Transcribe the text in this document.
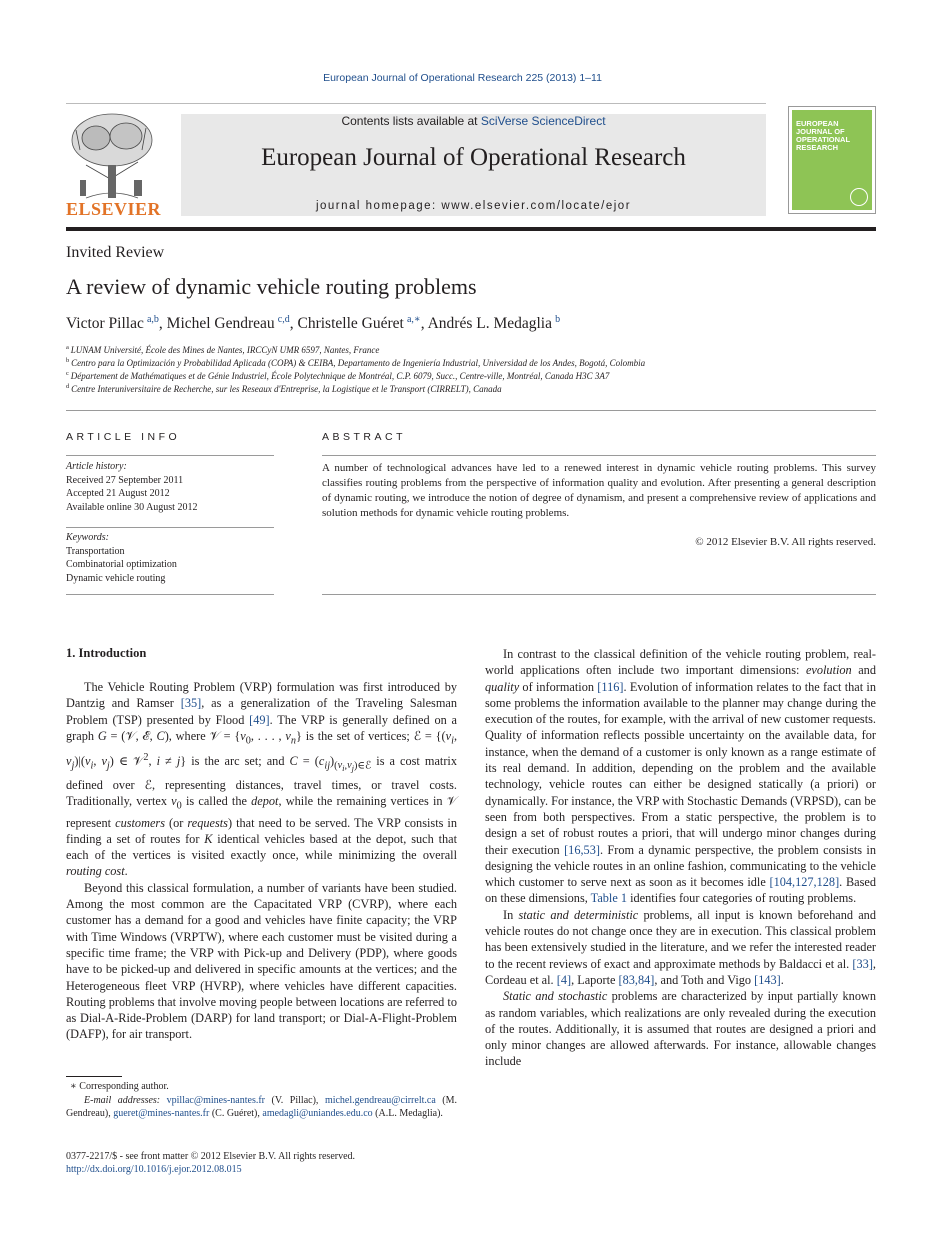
European Journal of Operational Research 225 (2013) 1–11
ELSEVIER
Contents lists available at SciVerse ScienceDirect
European Journal of Operational Research
journal homepage: www.elsevier.com/locate/ejor
EUROPEAN JOURNAL OF OPERATIONAL RESEARCH
Invited Review
A review of dynamic vehicle routing problems
Victor Pillac  $^{a,b}$, Michel Gendreau  $^{c,d}$, Christelle Guéret  $^{a,∗}$, Andrés L. Medaglia  $^b$
$^a$  LUNAM Université, École des Mines de Nantes, IRCCyN UMR 6597, Nantes, France
$^b$  Centro para la Optimización y Probabilidad Aplicada (COPA) & CEIBA, Departamento de Ingeniería Industrial, Universidad de los Andes, Bogotá, Colombia
$^c$  Département de Mathématiques et de Génie Industriel, École Polytechnique de Montréal, C.P. 6079, Succ., Centre-ville, Montréal, Canada H3C 3A7
$^d$  Centre Interuniversitaire de Recherche, sur les Reseaux d'Entreprise, la Logistique et le Transport (CIRRELT), Canada
ARTICLE INFO
Article history:
Received 27 September 2011
Accepted 21 August 2012
Available online 30 August 2012
Keywords:
Transportation
Combinatorial optimization
Dynamic vehicle routing
ABSTRACT
A number of technological advances have led to a renewed interest in dynamic vehicle routing problems. This survey classifies routing problems from the perspective of information quality and evolution. After presenting a general description of dynamic routing, we introduce the notion of degree of dynamism, and present a comprehensive review of applications and solution methods for dynamic vehicle routing problems.
© 2012 Elsevier B.V. All rights reserved.
1. Introduction

The Vehicle Routing Problem (VRP) formulation was first introduced by Dantzig and Ramser [35], as a generalization of the Traveling Salesman Problem (TSP) presented by Flood [49]. The VRP is generally defined on a graph G = (𝒱, ℰ, C), where 𝒱 = {$v_0$, . . . , $v_n$} is the set of vertices; ℰ = {($v_i$, $v_j)|(v_i$, $v_j$) ∈ 𝒱$^2$, i ≠ j} is the arc set; and $C = (c_{ij})_{(v_i,v_j)\in ℰ}$ is a cost matrix defined over ℰ, representing distances, travel times, or travel costs. Traditionally, vertex $v_0$ is called the depot, while the remaining vertices in 𝒱 represent customers (or requests) that need to be served. The VRP consists in finding a set of routes for K identical vehicles based at the depot, such that each of the vertices is visited exactly once, while minimizing the overall routing cost.

Beyond this classical formulation, a number of variants have been studied. Among the most common are the Capacitated VRP (CVRP), where each customer has a demand for a good and vehicles have finite capacity; the VRP with Time Windows (VRPTW), where each customer must be visited during a specific time frame; the VRP with Pick-up and Delivery (PDP), where goods have to be picked-up and delivered in specific amounts at the vertices; and the Heterogeneous fleet VRP (HVRP), where vehicles have different capacities. Routing problems that involve moving people between locations are referred to as Dial-A-Ride-Problem (DARP) for land transport; or Dial-A-Flight-Problem (DAFP), for air transport.

∗ Corresponding author.
E-mail addresses: vpillac@mines-nantes.fr (V. Pillac), michel.gendreau@cirrelt.ca (M. Gendreau), gueret@mines-nantes.fr (C. Guéret), amedagli@uniandes.edu.co (A.L. Medaglia).
0377-2217/$ - see front matter © 2012 Elsevier B.V. All rights reserved.
http://dx.doi.org/10.1016/j.ejor.2012.08.015

In contrast to the classical definition of the vehicle routing problem, real-world applications often include two important dimensions: evolution and quality of information [116]. Evolution of information relates to the fact that in some problems the information available to the planner may change during the execution of the routes, for example, with the arrival of new customer requests. Quality of information reflects possible uncertainty on the available data, for instance, when the demand of a customer is only known as a range estimate of its real demand. In addition, depending on the problem and the available technology, vehicle routes can either be designed statically (a priori) or dynamically. For instance, the VRP with Stochastic Demands (VRPSD), can be seen from both perspectives. From a static perspective, the problem is to design a set of robust routes a priori, that will undergo minor changes during their execution [16,53]. From a dynamic perspective, the problem consists in designing the vehicle routes in an online fashion, communicating to the vehicle which customer to serve next as soon as it becomes idle [104,127,128]. Based on these dimensions, Table 1 identifies four categories of routing problems.

In static and deterministic problems, all input is known beforehand and vehicle routes do not change once they are in execution. This classical problem has been extensively studied in the literature, and we refer the interested reader to the recent reviews of exact and approximate methods by Baldacci et al. [33], Cordeau et al. [4], Laporte [83,84], and Toth and Vigo [143].

Static and stochastic problems are characterized by input partially known as random variables, which realizations are only revealed during the execution of the routes. Additionally, it is assumed that routes are designed a priori and only minor changes are allowed afterwards. For instance, allowable changes include
